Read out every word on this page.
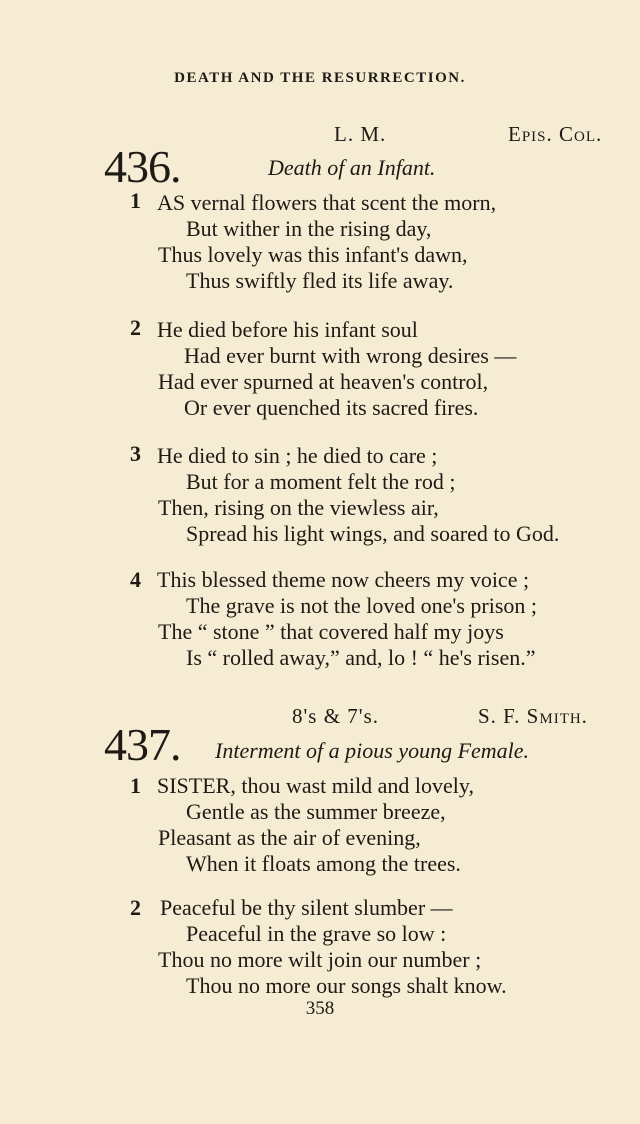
DEATH AND THE RESURRECTION.
L. M.	Epis. Col.
436.	Death of an Infant.
1 AS vernal flowers that scent the morn,
But wither in the rising day,
Thus lovely was this infant's dawn,
Thus swiftly fled its life away.
2 He died before his infant soul
Had ever burnt with wrong desires —
Had ever spurned at heaven's control,
Or ever quenched its sacred fires.
3 He died to sin ; he died to care ;
But for a moment felt the rod ;
Then, rising on the viewless air,
Spread his light wings, and soared to God.
4 This blessed theme now cheers my voice ;
The grave is not the loved one's prison ;
The “ stone ” that covered half my joys
Is “ rolled away,” and, lo ! “ he's risen.”
8's & 7's.	S. F. Smith.
437. Interment of a pious young Female.
1 SISTER, thou wast mild and lovely,
Gentle as the summer breeze,
Pleasant as the air of evening,
When it floats among the trees.
2 Peaceful be thy silent slumber —
Peaceful in the grave so low :
Thou no more wilt join our number ;
Thou no more our songs shalt know.
358
